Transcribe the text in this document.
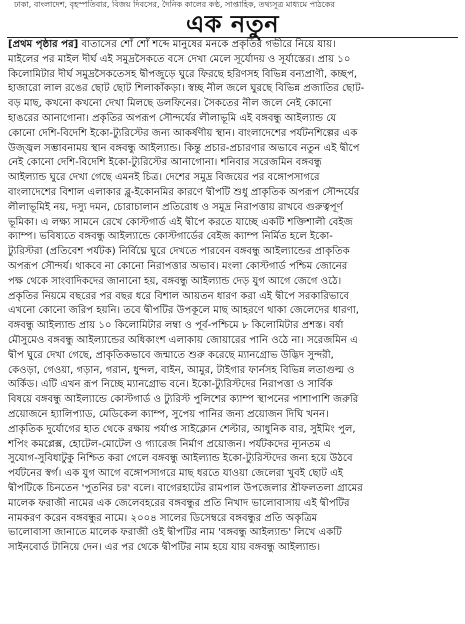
ঢাকা, বাংলাদেশ, বৃহস্পতিবার, বিজয় দিবসের, দৈনিক কালের কণ্ঠ, সাপ্তাহিক, তথ্যসূত্র মাধ্যমে পাঠকের
এক নতুন
[প্রথম পৃষ্ঠার পর] বাতাসের শোঁ শোঁ শব্দে মানুষের মনকে প্রকৃতির গভীরে নিয়ে যায়।
মাইলের পর মাইল দীর্ঘ এই সমুদ্রসৈকতে বসে দেখা মেলে সূর্যোদয় ও সূর্যাস্তের। প্রায় ১০
কিলোমিটার দীর্ঘ সমুদ্রসৈকতেসহ দ্বীপজুড়ে ঘুরে ফিরছে হরিণসহ বিভিন্ন বন্যপ্রাণী, কচ্ছপ,
হাজারো লাল রঙের ছোট ছোট শিলাকাঁকড়া। স্বচ্ছ নীল জলে ঘুরছে বিভিন্ন প্রজাতির ছোট-
বড় মাছ, কখনো কখনো দেখা মিলছে ডলফিনের। সৈকতের নীল জলে নেই কোনো
হাঙরের আনাগোনা। প্রকৃতির অপরূপ সৌন্দর্যের লীলাভূমি এই বঙ্গবন্ধু আইল্যান্ড যে
কোনো দেশি-বিদেশি ইকো-ট্যুরিস্টের জন্য আকর্ষণীয় স্থান। বাংলাদেশের পর্যটনশিল্পের এক
উজ্জ্বল সম্ভাবনাময় স্থান বঙ্গবন্ধু আইল্যান্ড। কিন্তু প্রচার-প্রচারণার অভাবে নতুন এই দ্বীপে
নেই কোনো দেশি-বিদেশি ইকো-ট্যুরিস্টের আনাগোনা। শনিবার সরেজমিন বঙ্গবন্ধু
আইল্যান্ড ঘুরে দেখা গেছে এমনই চিত্র। দেশের সমুদ্র বিজয়ের পর বঙ্গোপসাগরে
বাংলাদেশের বিশাল এলাকার ব্লু-ইকোনমির কারণে দ্বীপটি শুধু প্রাকৃতিক অপরূপ সৌন্দর্যের
লীলাভূমিই নয়, দস্যু দমন, চোরাচালান প্রতিরোধ ও সমুদ্র নিরাপত্তায় রাখবে গুরুত্বপূর্ণ
ভূমিকা। এ লক্ষ্য সামনে রেখে কোস্টগার্ড এই দ্বীপে করতে যাচ্ছে একটি শক্তিশালী বেইজ
ক্যাম্প। ভবিষ্যতে বঙ্গবন্ধু আইল্যান্ডে কোস্টগার্ডের বেইজ ক্যাম্প নির্মিত হলে ইকো-
ট্যুরিস্টরা (প্রতিবেশ পর্যটক) নির্বিঘ্নে ঘুরে দেখতে পারবেন বঙ্গবন্ধু আইল্যান্ডের প্রাকৃতিক
অপরূপ সৌন্দর্য। থাকবে না কোনো নিরাপত্তার অভাব। মংলা কোস্টগার্ড পশ্চিম জোনের
পক্ষ থেকে সাংবাদিকদের জানানো হয়, বঙ্গবন্ধু আইল্যান্ড দেড় যুগ আগে জেগে ওঠে।
প্রকৃতির নিয়মে বছরের পর বছর ধরে বিশাল আয়তন ধারণ করা এই দ্বীপে সরকারিভাবে
এখনো কোনো জরিপ হয়নি। তবে দ্বীপটির উপকূলে মাছ আহরণে থাকা জেলেদের ধারণা,
বঙ্গবন্ধু আইল্যান্ড প্রায় ১০ কিলোমিটার লম্বা ও পূর্ব-পশ্চিমে ৮ কিলোমিটার প্রশস্ত। বর্ষা
মৌসুমেও বঙ্গবন্ধু আইল্যান্ডের অধিকাংশ এলাকায় জোয়ারের পানি ওঠে না। সরেজমিন এ
দ্বীপ ঘুরে দেখা গেছে, প্রাকৃতিকভাবে জন্মাতে শুরু করেছে ম্যানগ্রোভ উদ্ভিদ সুন্দরী,
কেওড়া, গেওয়া, গড়ান, গরান, ধুন্দল, বাইন, আমুর, টাইগার ফার্নসহ বিভিন্ন লতাগুল্ম ও
অর্কিড। এটি এখন রূপ নিচ্ছে ম্যানগ্রোভ বনে। ইকো-ট্যুরিস্টদের নিরাপত্তা ও সার্বিক
বিষয়ে বঙ্গবন্ধু আইল্যান্ডে কোস্টগার্ড ও ট্যুরিস্ট পুলিশের ক্যাম্প স্থাপনের পাশাপাশি জরুরি
প্রয়োজনে হ্যালিপ্যাড, মেডিকেল ক্যাম্প, সুপেয় পানির জন্য প্রয়োজন দিঘি খনন।
প্রাকৃতিক দুর্যোগের হাত থেকে রক্ষায় পর্যাপ্ত সাইক্লোন শেল্টার, আধুনিক বার, সুইমিং পুল,
শপিং কমপ্লেক্স, হোটেল-মোটেল ও গ্যারেজ নির্মাণ প্রয়োজন। পর্যটকদের ন্যূনতম এ
সুযোগ-সুবিধাটুকু নিশ্চিত করা গেলে বঙ্গবন্ধু আইল্যান্ড ইকো-ট্যুরিস্টদের জন্য হয়ে উঠবে
পর্যটনের স্বর্গ। এক যুগ আগে বঙ্গোপসাগরে মাছ ধরতে যাওয়া জেলেরা খুবই ছোট এই
দ্বীপটিকে চিনতেন 'পুতনির চর' বলে। বাগেরহাটের রামপাল উপজেলার শ্রীফলতলা গ্রামের
মালেক ফরাজী নামের এক জেলেবহরের বঙ্গবন্ধুর প্রতি নিখাদ ভালোবাসায় এই দ্বীপটির
নামকরণ করেন বঙ্গবন্ধুর নামে। ২০০৪ সালের ডিসেম্বরে বঙ্গবন্ধুর প্রতি অকৃত্রিম
ভালোবাসা জানাতে মালেক ফরাজী ওই দ্বীপটির নাম 'বঙ্গবন্ধু আইল্যান্ড' লিখে একটি
সাইনবোর্ড টানিয়ে দেন। এর পর থেকে দ্বীপটির নাম হয়ে যায় বঙ্গবন্ধু আইল্যান্ড।
